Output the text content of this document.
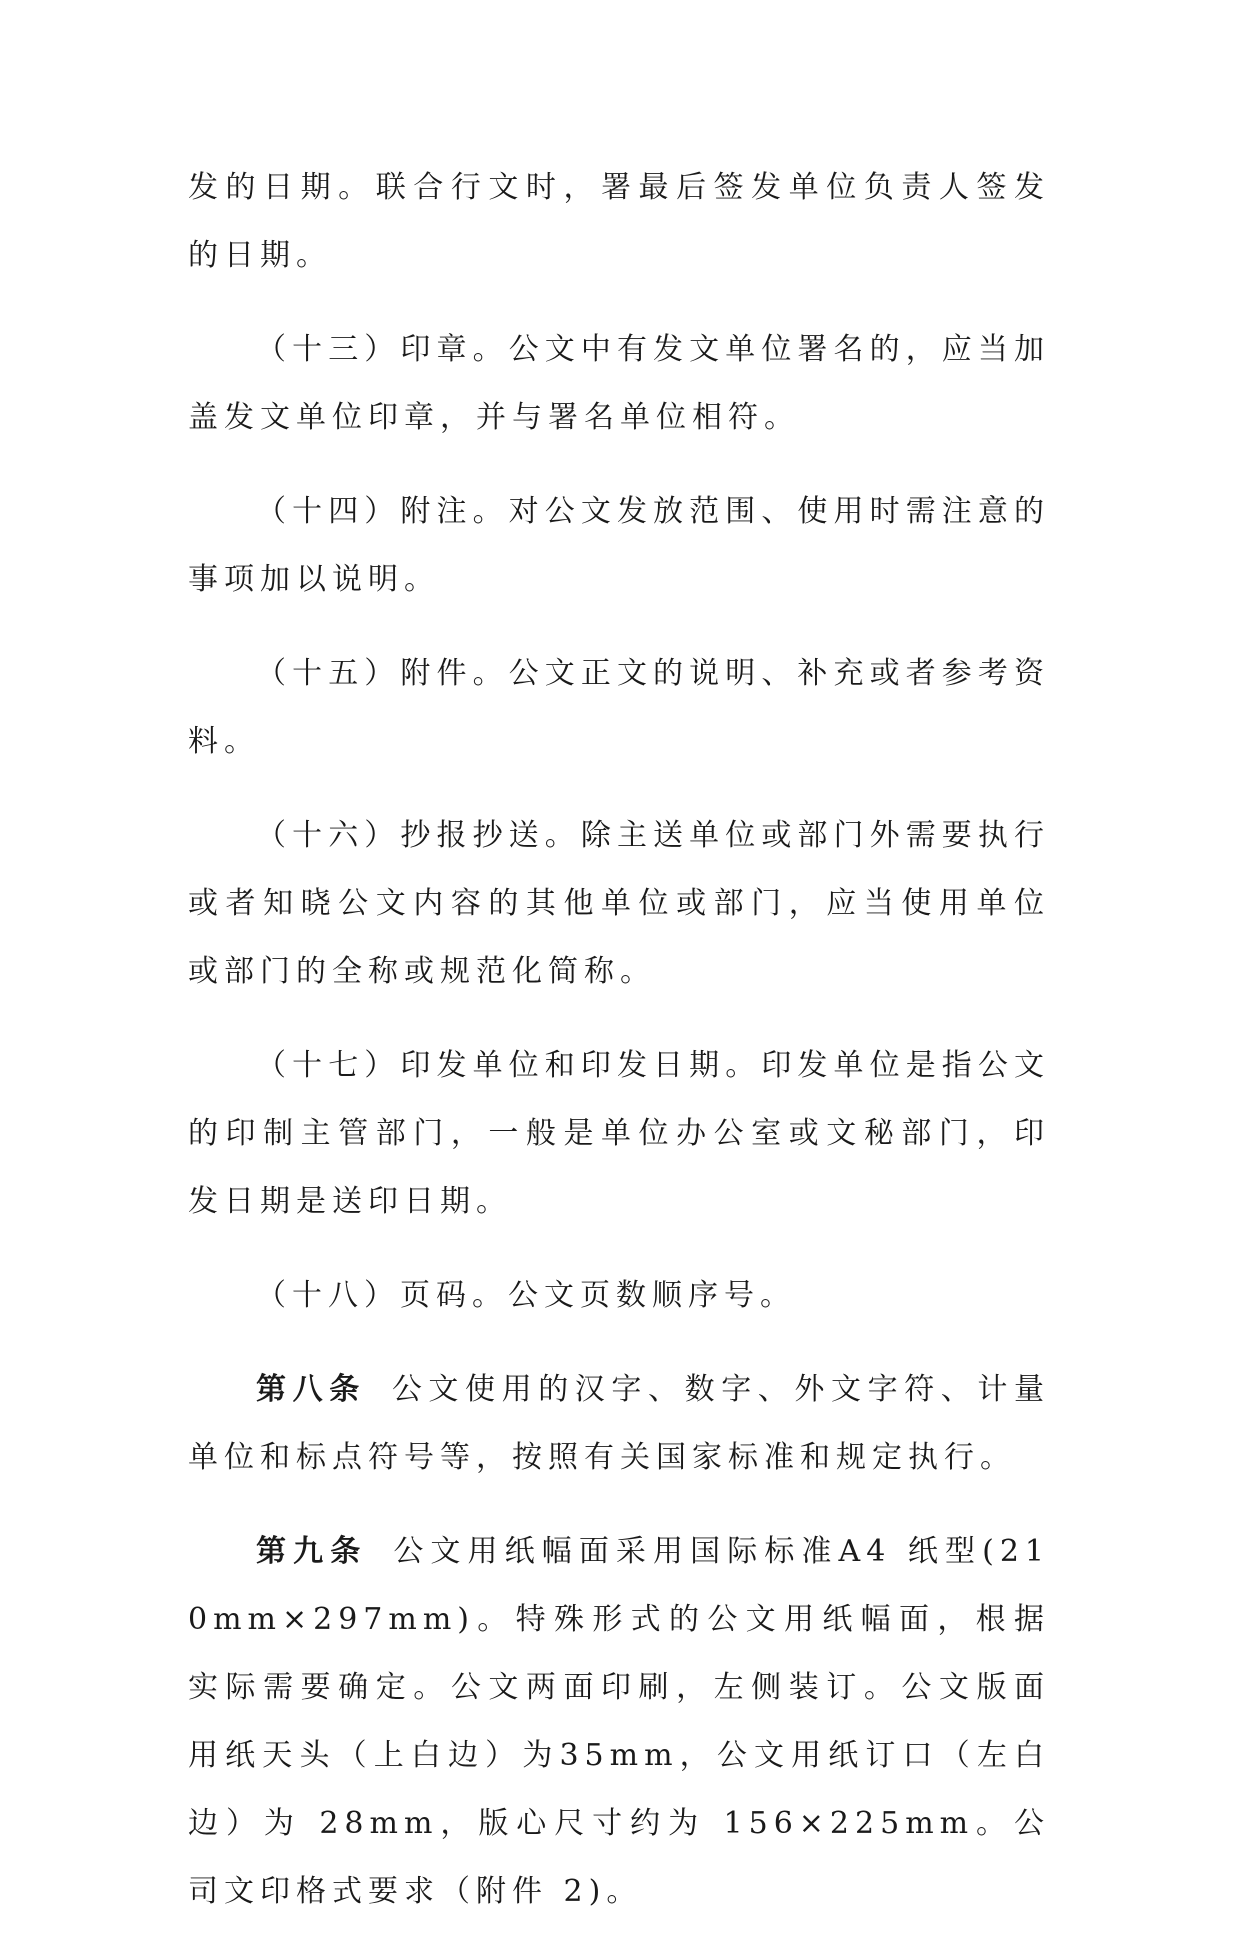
发的日期。联合行文时，署最后签发单位负责人签发的日期。

（十三）印章。公文中有发文单位署名的，应当加盖发文单位印章，并与署名单位相符。

（十四）附注。对公文发放范围、使用时需注意的事项加以说明。

（十五）附件。公文正文的说明、补充或者参考资料。

（十六）抄报抄送。除主送单位或部门外需要执行或者知晓公文内容的其他单位或部门，应当使用单位或部门的全称或规范化简称。

（十七）印发单位和印发日期。印发单位是指公文的印制主管部门，一般是单位办公室或文秘部门，印发日期是送印日期。

（十八）页码。公文页数顺序号。

第八条 公文使用的汉字、数字、外文字符、计量单位和标点符号等，按照有关国家标准和规定执行。

第九条 公文用纸幅面采用国际标准A4 纸型(210mm×297mm)。特殊形式的公文用纸幅面，根据实际需要确定。公文两面印刷，左侧装订。公文版面用纸天头（上白边）为35mm，公文用纸订口（左白边）为 28mm，版心尺寸约为 156×225mm。公司文印格式要求（附件 2)。
